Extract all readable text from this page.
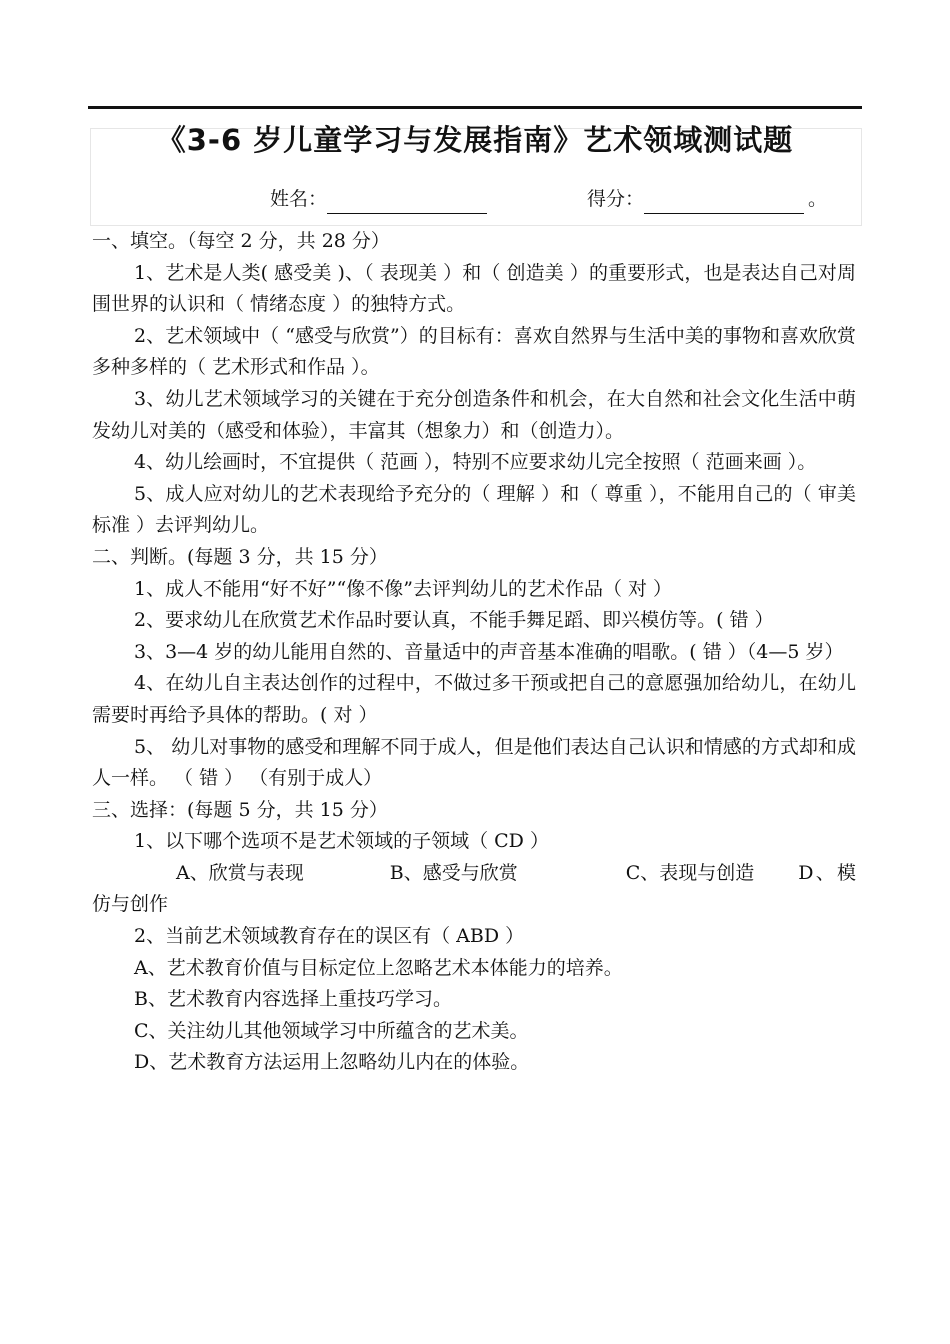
《3-6 岁儿童学习与发展指南》艺术领域测试题
姓名：	得分：	。

一、填空。（每空 2 分，共 28 分）

1、艺术是人类( 感受美 )、（ 表现美 ）和（ 创造美 ）的重要形式，也是表达自己对周围世界的认识和（ 情绪态度 ）的独特方式。

2、艺术领域中（ “感受与欣赏”）的目标有：喜欢自然界与生活中美的事物和喜欢欣赏多种多样的（ 艺术形式和作品 ）。

3、幼儿艺术领域学习的关键在于充分创造条件和机会，在大自然和社会文化生活中萌发幼儿对美的（感受和体验），丰富其（想象力）和（创造力）。

4、幼儿绘画时，不宜提供（ 范画 ），特别不应要求幼儿完全按照（ 范画来画 ）。

5、成人应对幼儿的艺术表现给予充分的（ 理解 ）和（ 尊重 ），不能用自己的（ 审美标准 ）去评判幼儿。

二、判断。(每题 3 分，共 15 分）

1、成人不能用“好不好”“像不像”去评判幼儿的艺术作品（ 对 ）

2、要求幼儿在欣赏艺术作品时要认真，不能手舞足蹈、即兴模仿等。( 错 ）

3、3—4 岁的幼儿能用自然的、音量适中的声音基本准确的唱歌。( 错 ）（4—5 岁）

4、在幼儿自主表达创作的过程中，不做过多干预或把自己的意愿强加给幼儿，在幼儿需要时再给予具体的帮助。( 对 ）

5、 幼儿对事物的感受和理解不同于成人，但是他们表达自己认识和情感的方式却和成人一样。 （ 错 ） （有别于成人）

三、选择：(每题 5 分，共 15 分）

1、以下哪个选项不是艺术领域的子领域（ CD ）

A、欣赏与表现	B、感受与欣赏	C、表现与创造 D、模仿与创作

2、当前艺术领域教育存在的误区有（ ABD ）

A、艺术教育价值与目标定位上忽略艺术本体能力的培养。

B、艺术教育内容选择上重技巧学习。

C、关注幼儿其他领域学习中所蕴含的艺术美。

D、艺术教育方法运用上忽略幼儿内在的体验。
